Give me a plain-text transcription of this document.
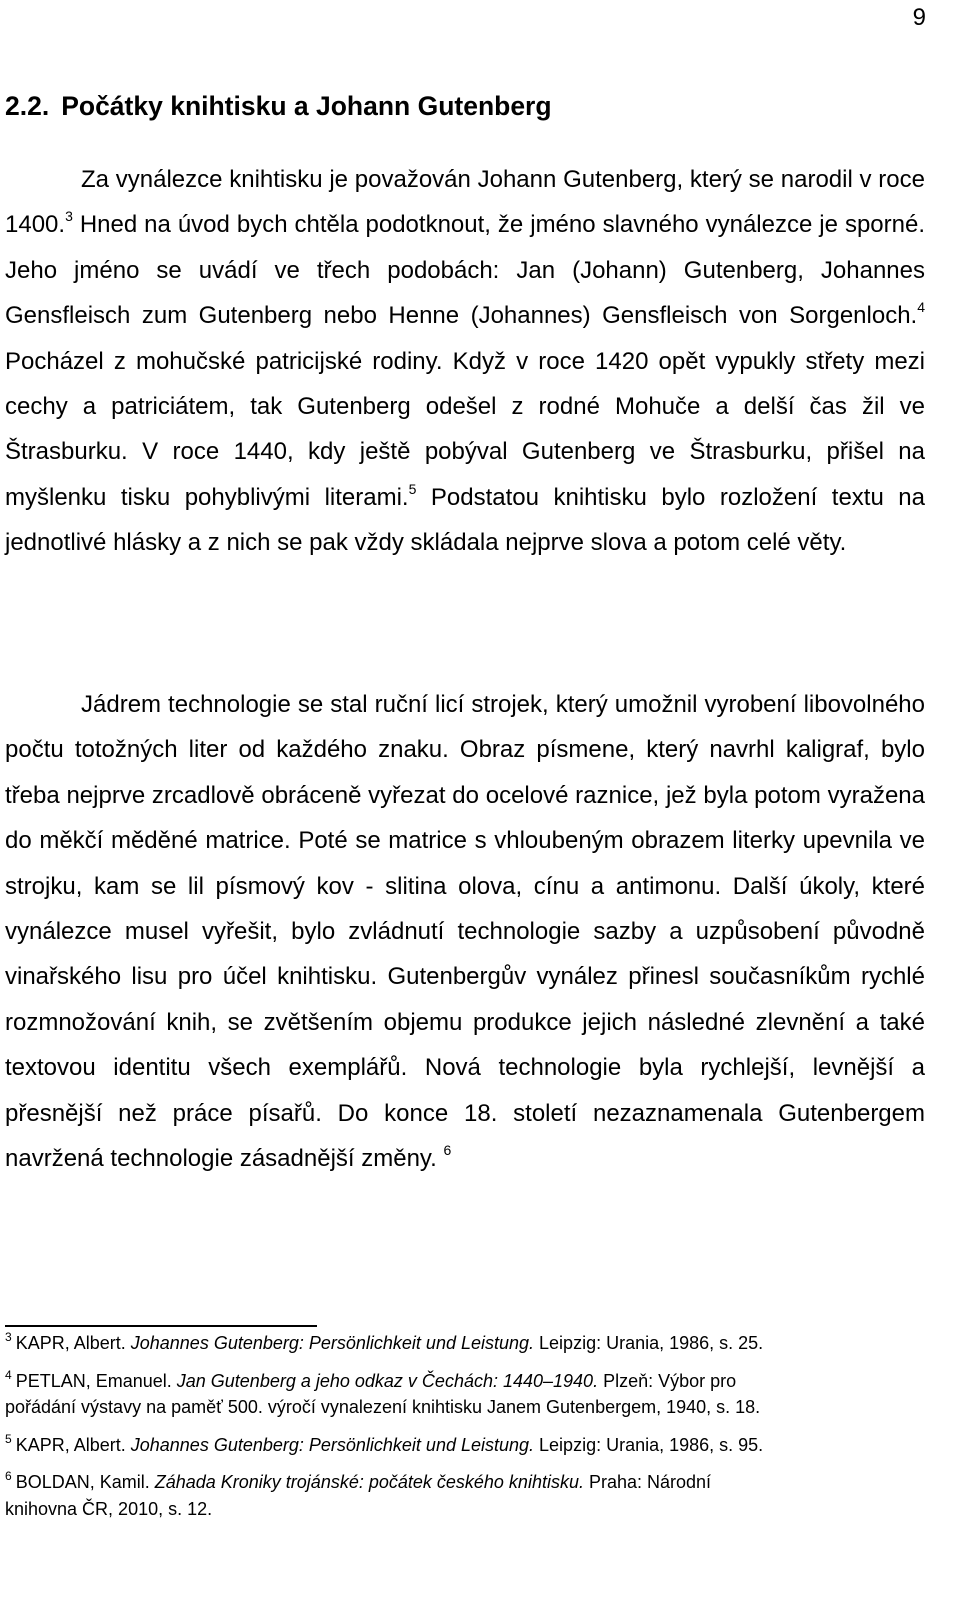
9
2.2. Počátky knihtisku a Johann Gutenberg

Za vynálezce knihtisku je považován Johann Gutenberg, který se narodil v roce 1400.$^3$ Hned na úvod bych chtěla podotknout, že jméno slavného vynálezce je sporné. Jeho jméno se uvádí ve třech podobách: Jan (Johann) Gutenberg, Johannes Gensfleisch zum Gutenberg nebo Henne (Johannes) Gensfleisch von Sorgenloch.$^4$ Pocházel z mohučské patricijské rodiny. Když v roce 1420 opět vypukly střety mezi cechy a patriciátem, tak Gutenberg odešel z rodné Mohuče a delší čas žil ve Štrasburku. V roce 1440, kdy ještě pobýval Gutenberg ve Štrasburku, přišel na myšlenku tisku pohyblivými literami.$^5$ Podstatou knihtisku bylo rozložení textu na jednotlivé hlásky a z nich se pak vždy skládala nejprve slova a potom celé věty.

Jádrem technologie se stal ruční licí strojek, který umožnil vyrobení libovolného počtu totožných liter od každého znaku. Obraz písmene, který navrhl kaligraf, bylo třeba nejprve zrcadlově obráceně vyřezat do ocelové raznice, jež byla potom vyražena do měkčí měděné matrice. Poté se matrice s vhloubeným obrazem literky upevnila ve strojku, kam se lil písmový kov - slitina olova, cínu a antimonu. Další úkoly, které vynálezce musel vyřešit, bylo zvládnutí technologie sazby a uzpůsobení původně vinařského lisu pro účel knihtisku. Gutenbergův vynález přinesl současníkům rychlé rozmnožování knih, se zvětšením objemu produkce jejich následné zlevnění a také textovou identitu všech exemplářů. Nová technologie byla rychlejší, levnější a přesnější než práce písařů. Do konce 18. století nezaznamenala Gutenbergem navržená technologie zásadnější změny. $^6$

$^3$ KAPR, Albert. Johannes Gutenberg: Persönlichkeit und Leistung. Leipzig: Urania, 1986, s. 25.

$^4$ PETLAN, Emanuel. Jan Gutenberg a jeho odkaz v Čechách: 1440–1940. Plzeň: Výbor pro
pořádání výstavy na paměť 500. výročí vynalezení knihtisku Janem Gutenbergem, 1940, s. 18.

$^5$ KAPR, Albert. Johannes Gutenberg: Persönlichkeit und Leistung. Leipzig: Urania, 1986, s. 95.

$^6$ BOLDAN, Kamil. Záhada Kroniky trojánské: počátek českého knihtisku. Praha: Národní
knihovna ČR, 2010, s. 12.
